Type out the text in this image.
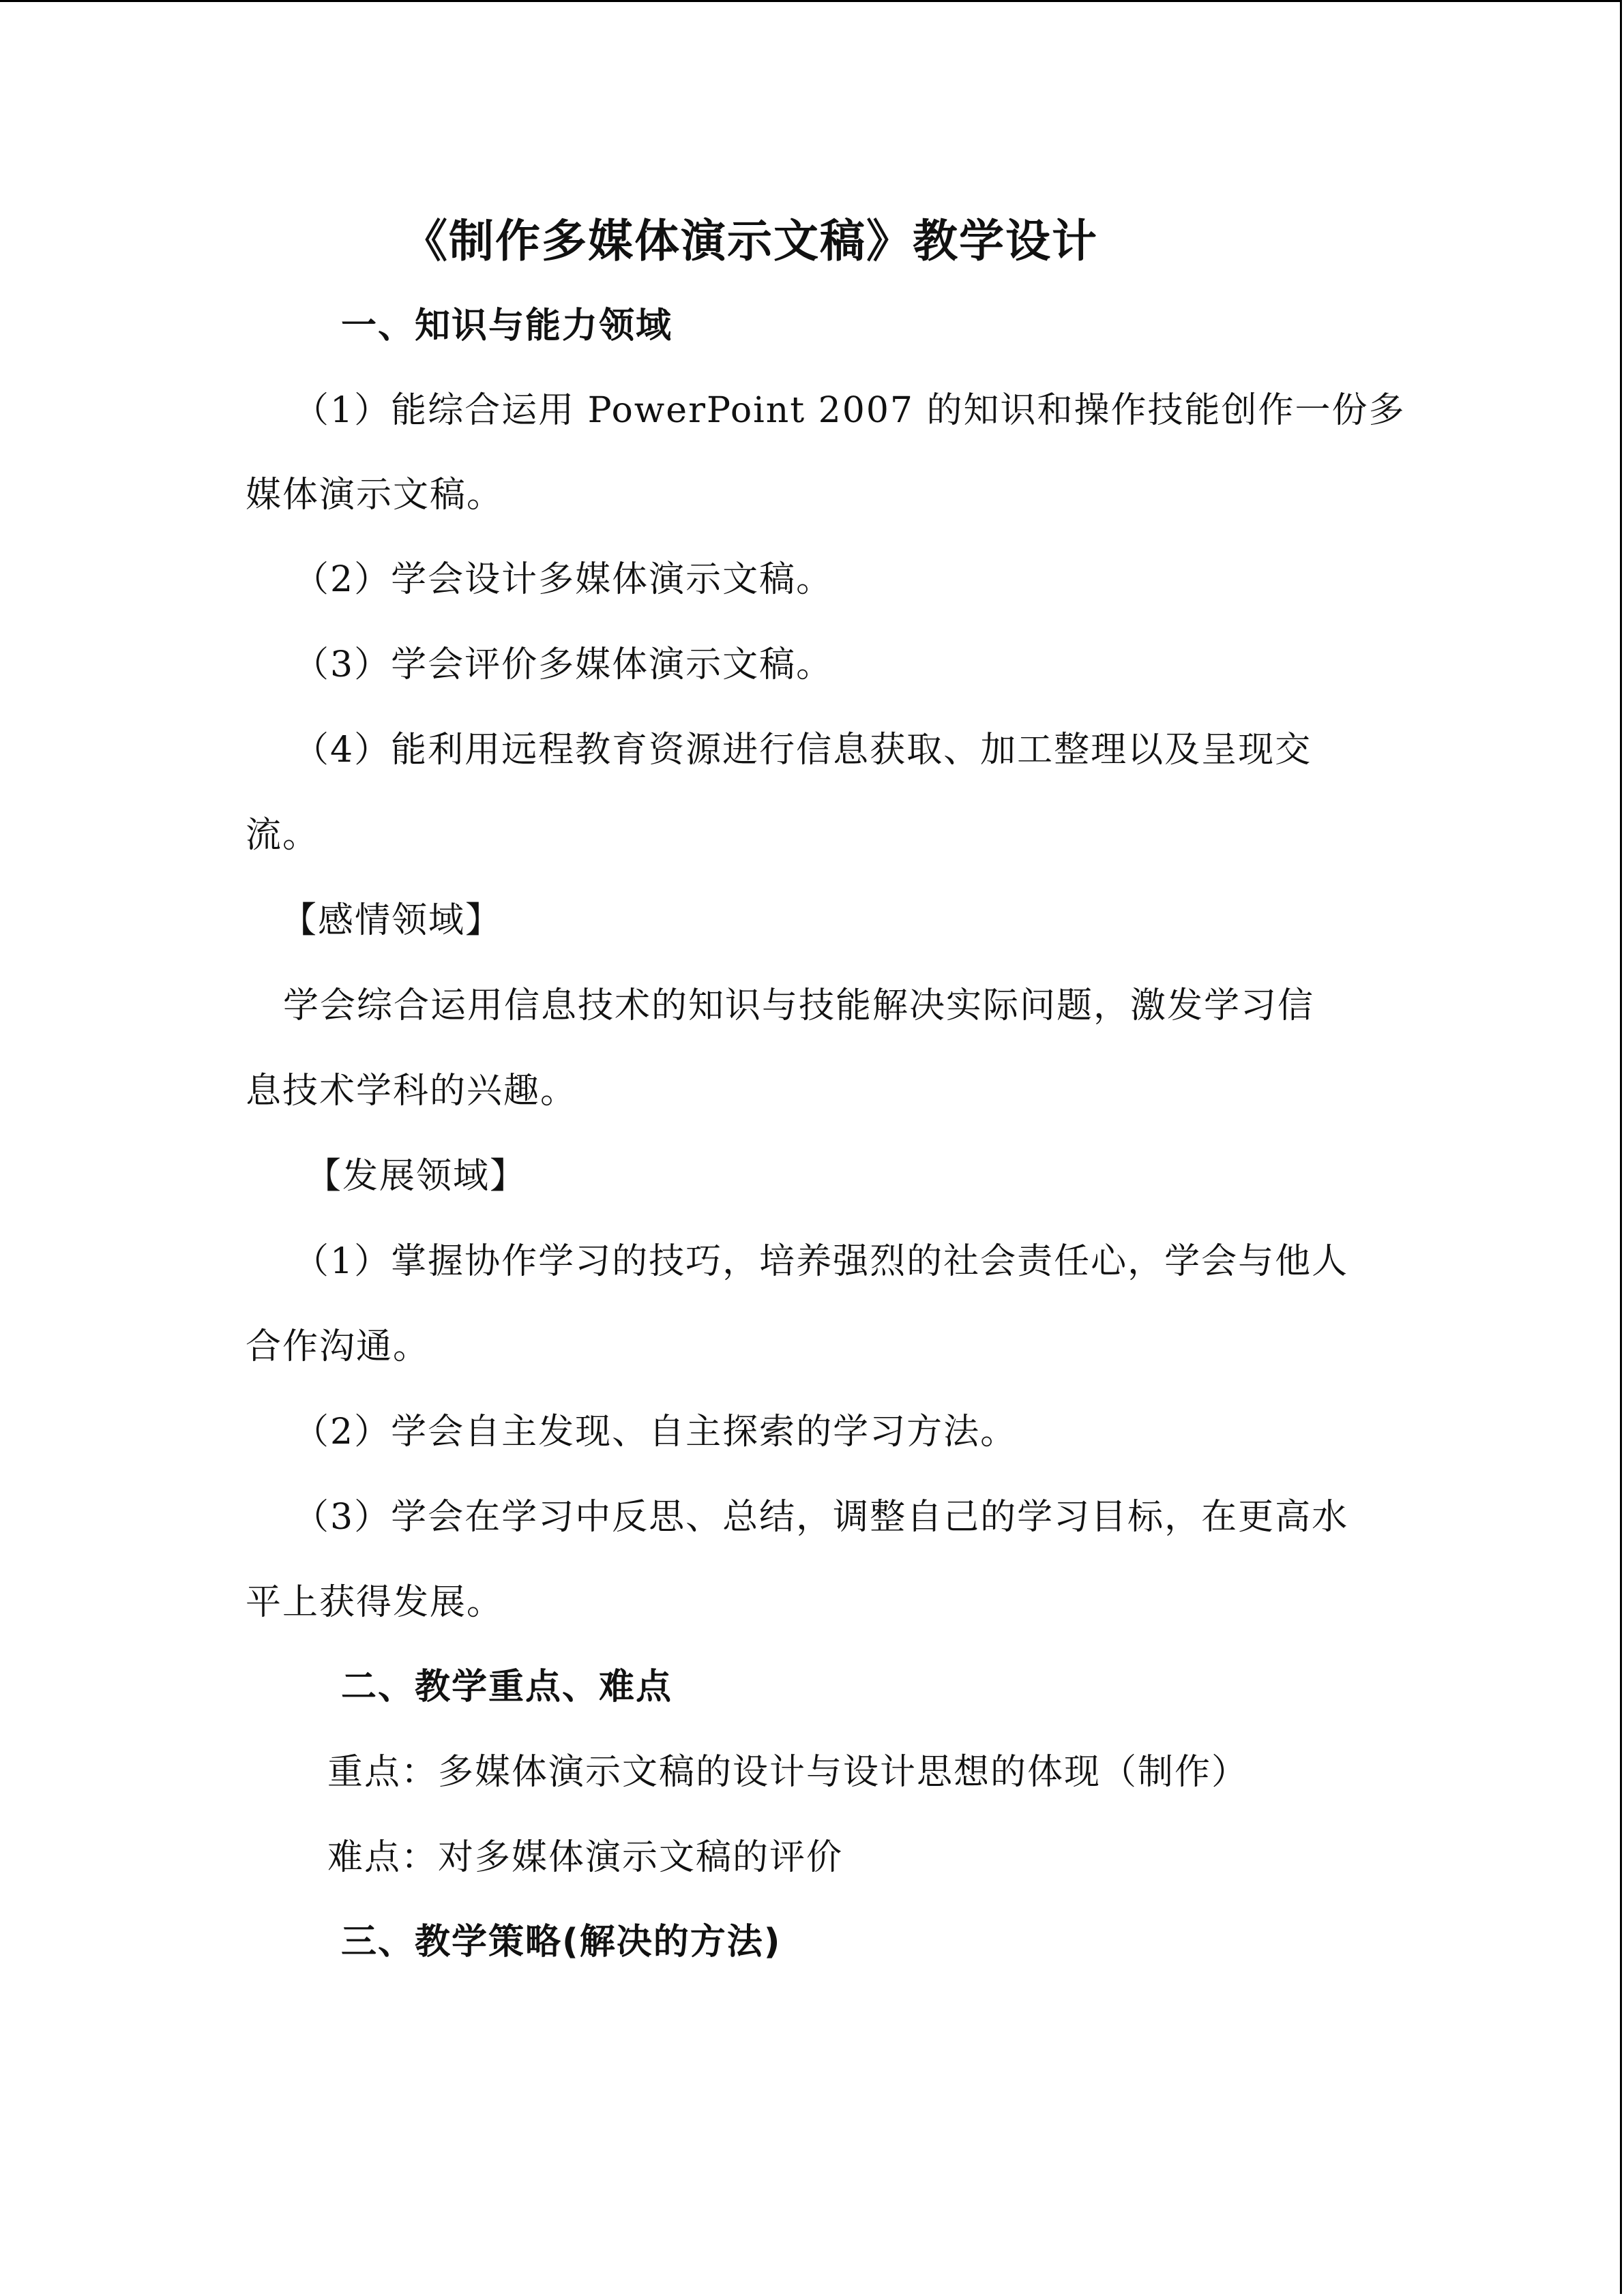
《制作多媒体演示文稿》教学设计
一、知识与能力领域
（1）能综合运用 PowerPoint 2007 的知识和操作技能创作一份多
媒体演示文稿。
（2）学会设计多媒体演示文稿。
（3）学会评价多媒体演示文稿。
（4）能利用远程教育资源进行信息获取、加工整理以及呈现交
流。
【感情领域】
学会综合运用信息技术的知识与技能解决实际问题，激发学习信
息技术学科的兴趣。
【发展领域】
（1）掌握协作学习的技巧，培养强烈的社会责任心，学会与他人
合作沟通。
（2）学会自主发现、自主探索的学习方法。
（3）学会在学习中反思、总结，调整自己的学习目标，在更高水
平上获得发展。
二、教学重点、难点
重点：多媒体演示文稿的设计与设计思想的体现（制作）
难点：对多媒体演示文稿的评价
三、教学策略(解决的方法)
